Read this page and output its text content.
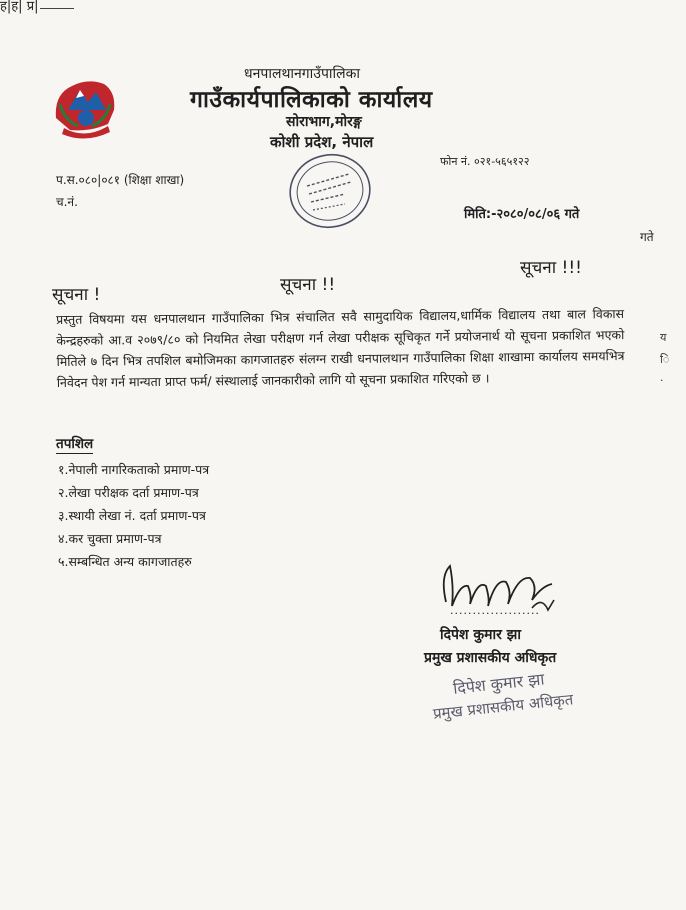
ह|ह| प्र|
धनपालथानगाउँपालिका
गाउँकार्यपालिकाको कार्यालय
सोराभाग,मोरङ्ग
कोशी प्रदेश, नेपाल
फोन नं. ०२१-५६५१२२
प.स.०८०|०८१ (शिक्षा शाखा)
च.नं.
मिति:-२०८०/०८/०६ गते
गते
सूचना !	सूचना !!
सूचना !!!
प्रस्तुत विषयमा यस धनपालथान गाउँपालिका भित्र संचालित सवै सामुदायिक विद्यालय,धार्मिक विद्यालय तथा बाल विकास केन्द्रहरुको आ.व २०७९/८० को नियमित लेखा परीक्षण गर्न लेखा परीक्षक सूचिकृत गर्ने प्रयोजनार्थ यो सूचना प्रकाशित भएको मितिले ७ दिन भित्र तपशिल बमोजिमका कागजातहरु संलग्न राखी धनपालथान गाउँपालिका शिक्षा शाखामा कार्यालय समयभित्र निवेदन पेश गर्न मान्यता प्राप्त फर्म/ संस्थालाई जानकारीको लागि यो सूचना प्रकाशित गरिएको छ ।
य
ि
·
तपशिल
१.नेपाली नागरिकताको प्रमाण-पत्र
२.लेखा परीक्षक दर्ता प्रमाण-पत्र
३.स्थायी लेखा नं. दर्ता प्रमाण-पत्र
४.कर चुक्ता प्रमाण-पत्र
५.सम्बन्धित अन्य कागजातहरु
....................
दिपेश कुमार झा
प्रमुख प्रशासकीय अधिकृत
दिपेश कुमार झा
प्रमुख प्रशासकीय अधिकृत
